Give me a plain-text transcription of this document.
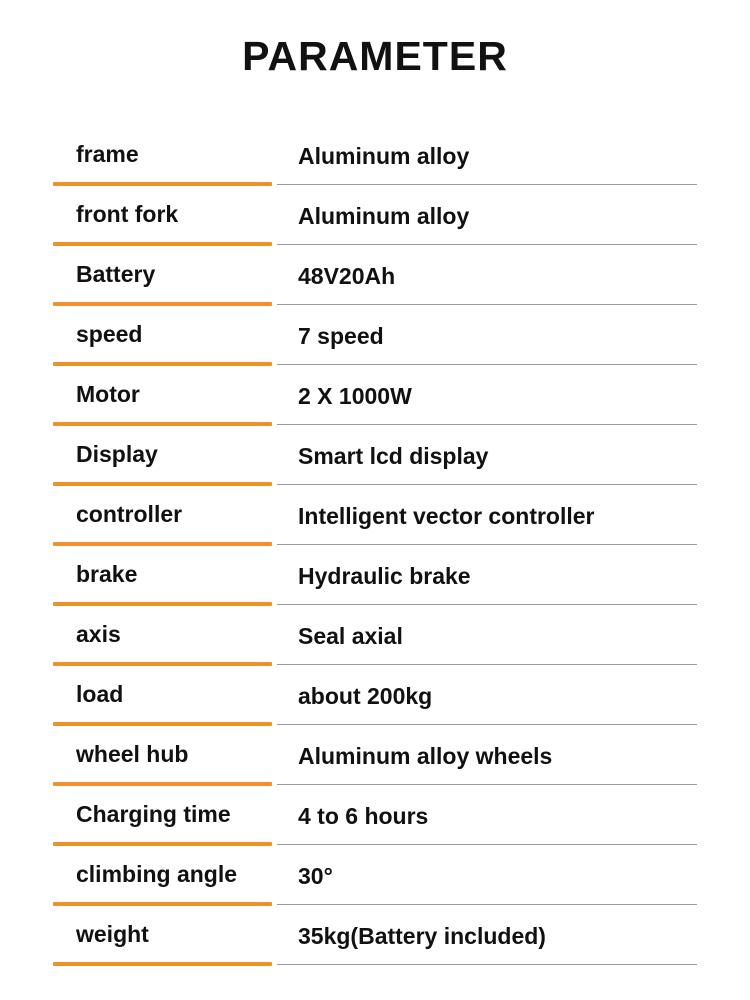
PARAMETER
frame	Aluminum alloy
front fork	Aluminum alloy
Battery	48V20Ah
speed	7 speed
Motor	2 X 1000W
Display	Smart lcd display
controller	Intelligent vector controller
brake	Hydraulic brake
axis	Seal axial
load	about 200kg
wheel hub	Aluminum alloy wheels
Charging time	4 to 6 hours
climbing angle	30°
weight	35kg(Battery included)
